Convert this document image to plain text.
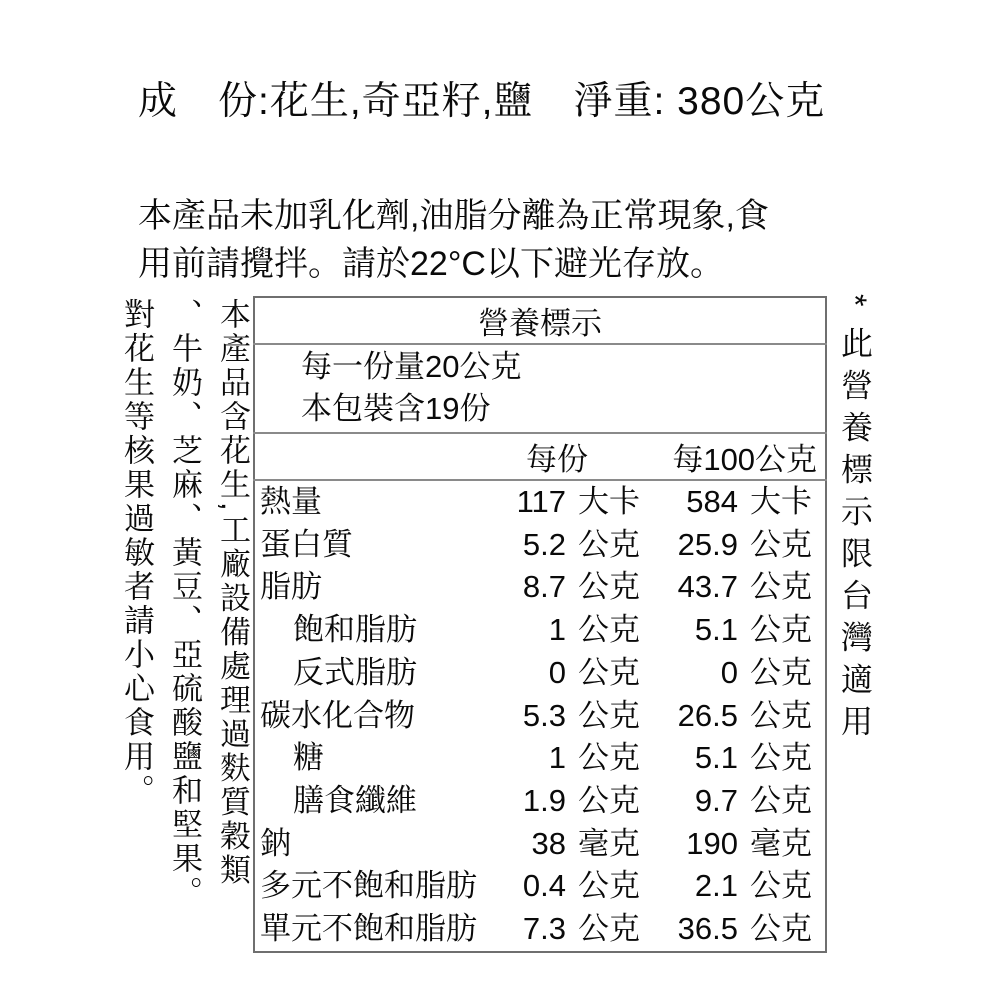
成　份:花生,奇亞籽,鹽　淨重: 380公克
本產品未加乳化劑,油脂分離為正常現象,食
用前請攪拌。請於22°C以下避光存放。
本產品含花生,工廠設備處理過麩質穀類
、牛奶、芝麻、黃豆、亞硫酸鹽和堅果。
對花生等核果過敏者請小心食用。	*此營養標示限台灣適用
營養標示				

每一份量20公克
本包裝含19份				

	每份		每100公克	
熱量	117	大卡	584	大卡
蛋白質	5.2	公克	25.9	公克
脂肪	8.7	公克	43.7	公克
飽和脂肪	1	公克	5.1	公克
反式脂肪	0	公克	0	公克
碳水化合物	5.3	公克	26.5	公克
糖	1	公克	5.1	公克
膳食纖維	1.9	公克	9.7	公克
鈉	38	毫克	190	毫克
多元不飽和脂肪	0.4	公克	2.1	公克
單元不飽和脂肪	7.3	公克	36.5	公克
